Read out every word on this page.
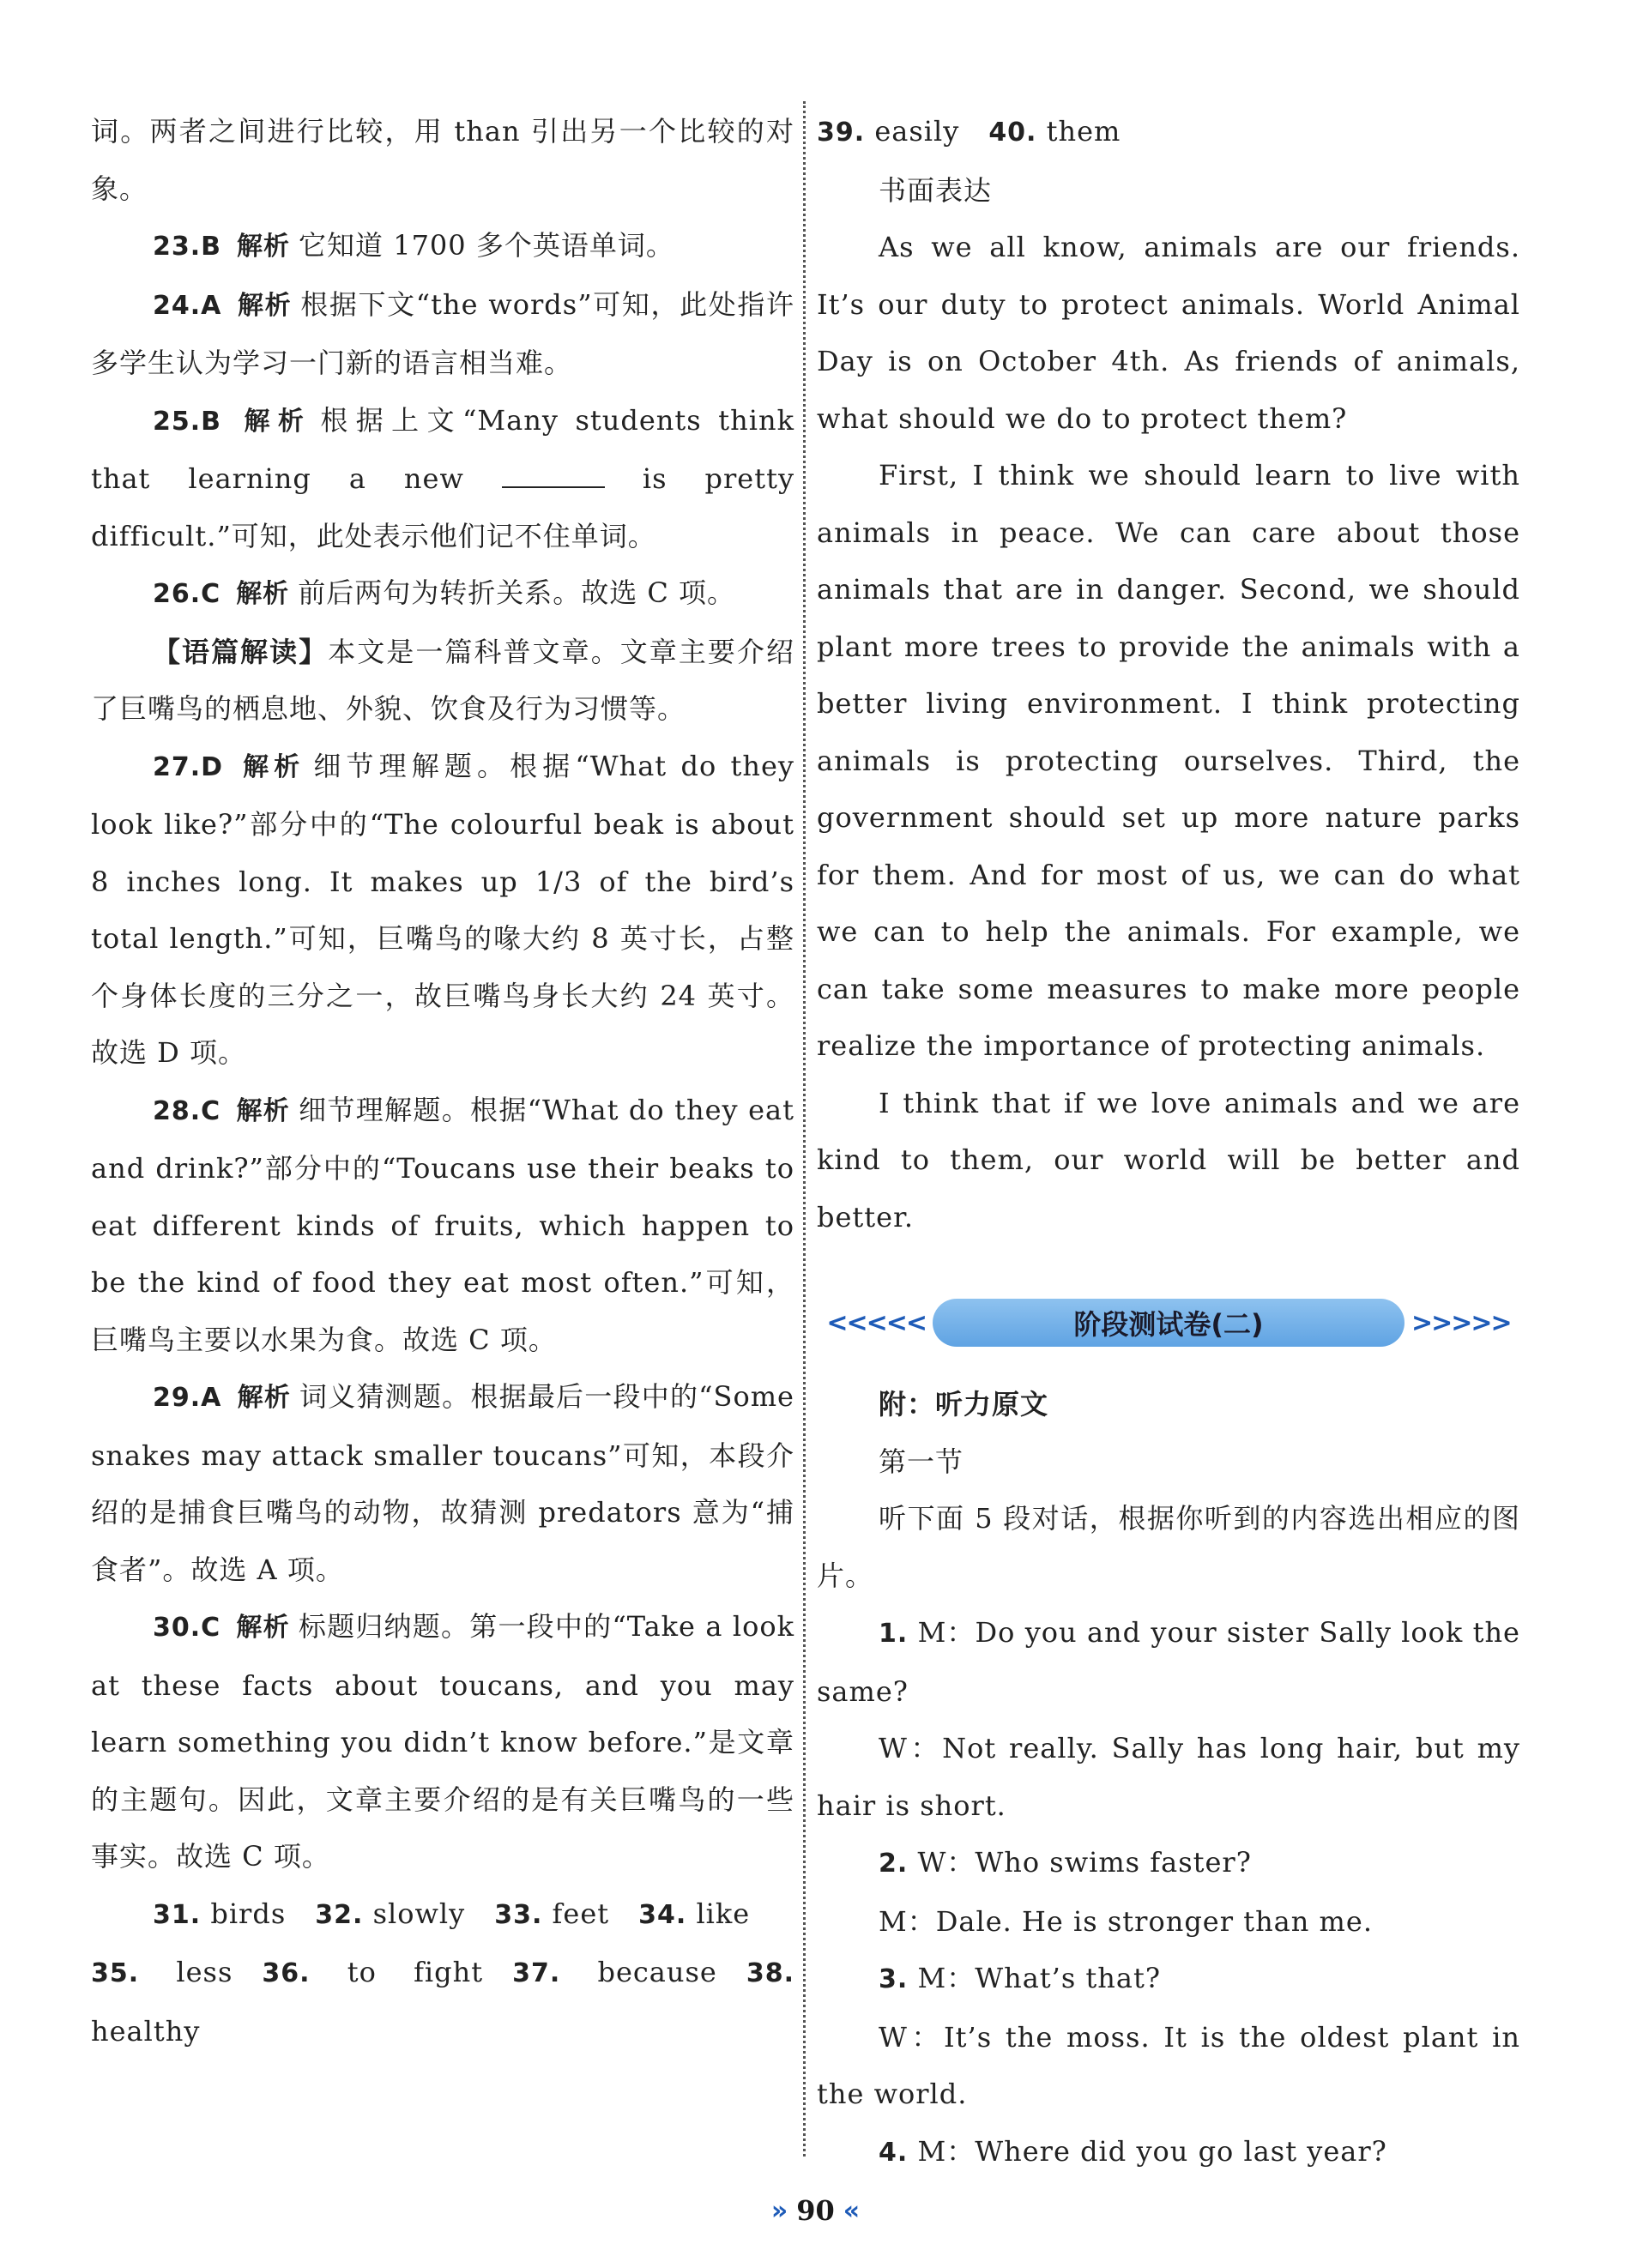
词。两者之间进行比较，用 than 引出另一个比较的对象。

23.B 解析 它知道 1700 多个英语单词。

24.A 解析 根据下文“the words”可知，此处指许多学生认为学习一门新的语言相当难。

25.B 解析 根据上文“Many students think that learning a new	is pretty difficult.”可知，此处表示他们记不住单词。

26.C 解析 前后两句为转折关系。故选 C 项。

【语篇解读】本文是一篇科普文章。文章主要介绍了巨嘴鸟的栖息地、外貌、饮食及行为习惯等。

27.D 解析 细节理解题。根据“What do they look like?”部分中的“The colourful beak is about 8 inches long. It makes up 1/3 of the bird’s total length.”可知，巨嘴鸟的喙大约 8 英寸长，占整个身体长度的三分之一，故巨嘴鸟身长大约 24 英寸。故选 D 项。

28.C 解析 细节理解题。根据“What do they eat and drink?”部分中的“Toucans use their beaks to eat different kinds of fruits, which happen to be the kind of food they eat most often.”可知，巨嘴鸟主要以水果为食。故选 C 项。

29.A 解析 词义猜测题。根据最后一段中的“Some snakes may attack smaller toucans”可知，本段介绍的是捕食巨嘴鸟的动物，故猜测 predators 意为“捕食者”。故选 A 项。

30.C 解析 标题归纳题。第一段中的“Take a look at these facts about toucans, and you may learn something you didn’t know before.”是文章的主题句。因此，文章主要介绍的是有关巨嘴鸟的一些事实。故选 C 项。

31. birds 32. slowly 33. feet 34. like

35. less 36. to fight 37. because 38. healthy

39. easily 40. them

书面表达

As we all know, animals are our friends. It’s our duty to protect animals. World Animal Day is on October 4th. As friends of animals, what should we do to protect them?

First, I think we should learn to live with animals in peace. We can care about those animals that are in danger. Second, we should plant more trees to provide the animals with a better living environment. I think protecting animals is protecting ourselves. Third, the government should set up more nature parks for them. And for most of us, we can do what we can to help the animals. For example, we can take some measures to make more people realize the importance of protecting animals.

I think that if we love animals and we are kind to them, our world will be better and better.

<<<<<	阶段测试卷(二)	>>>>>

附：听力原文

第一节

听下面 5 段对话，根据你听到的内容选出相应的图片。

1. M：Do you and your sister Sally look the same?

W：Not really. Sally has long hair, but my hair is short.

2. W：Who swims faster?

M：Dale. He is stronger than me.

3. M：What’s that?

W：It’s the moss. It is the oldest plant in the world.

4. M：Where did you go last year?

» 90 «
